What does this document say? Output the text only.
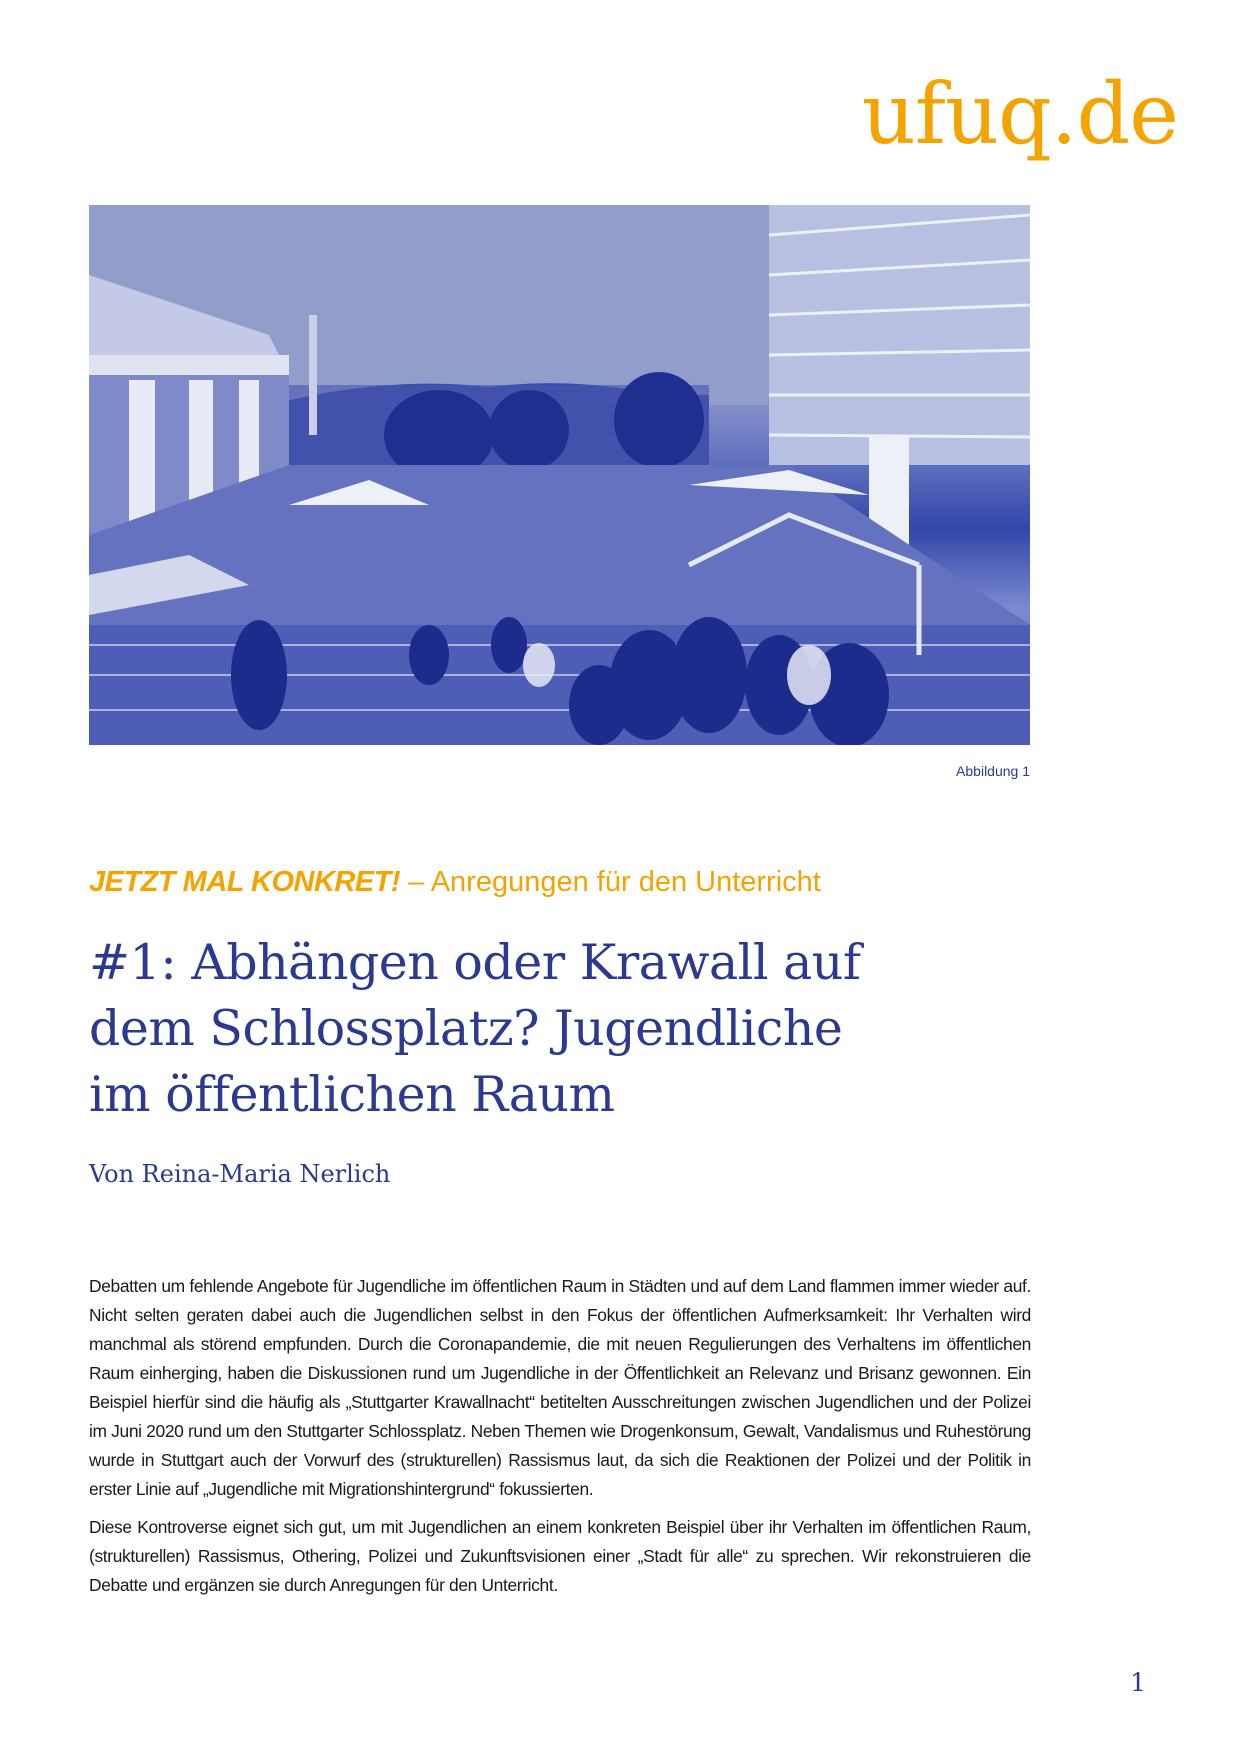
ufuq.de
Abbildung 1
JETZT MAL KONKRET! – Anregungen für den Unterricht
#1: Abhängen oder Krawall auf
dem Schlossplatz? Jugendliche
im öffentlichen Raum
Von Reina-Maria Nerlich

Debatten um fehlende Angebote für Jugendliche im öffentlichen Raum in Städten und auf dem Land flammen immer wieder auf. Nicht selten geraten dabei auch die Jugendlichen selbst in den Fokus der öffentlichen Aufmerksamkeit: Ihr Verhalten wird manchmal als störend empfunden. Durch die Coronapandemie, die mit neuen Regulierungen des Verhaltens im öffentlichen Raum einherging, haben die Diskussionen rund um Jugendliche in der Öffentlichkeit an Relevanz und Brisanz gewonnen. Ein Beispiel hierfür sind die häufig als „Stuttgarter Krawallnacht“ betitelten Ausschreitungen zwischen Jugendlichen und der Polizei im Juni 2020 rund um den Stuttgarter Schlossplatz. Neben Themen wie Drogenkonsum, Gewalt, Vandalismus und Ruhestörung wurde in Stuttgart auch der Vorwurf des (strukturellen) Rassismus laut, da sich die Reaktionen der Polizei und der Politik in erster Linie auf „Jugendliche mit Migrationshintergrund“ fokussierten.

Diese Kontroverse eignet sich gut, um mit Jugendlichen an einem konkreten Beispiel über ihr Verhalten im öffentlichen Raum, (strukturellen) Rassismus, Othering, Polizei und Zukunftsvisionen einer „Stadt für alle“ zu sprechen. Wir rekonstruieren die Debatte und ergänzen sie durch Anregungen für den Unterricht.

1
